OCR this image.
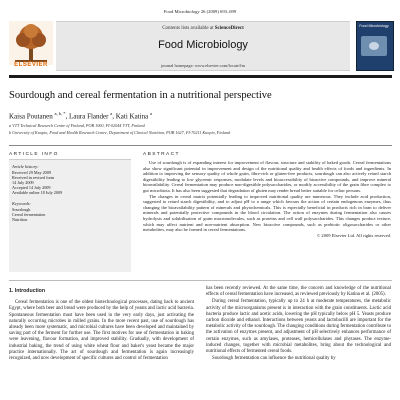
Food Microbiology 26 (2009) 693–699
ELSEVIER
Contents lists available at ScienceDirect
Food Microbiology
journal homepage: www.elsevier.com/locate/fm
Food Microbiology
Sourdough and cereal fermentation in a nutritional perspective
Kaisa Poutanen $^{a, b, *}$, Laura Flander $^a$, Kati Katina $^a$
a VTT Technical Research Centre of Finland, POB 1000, FI-02044 VTT, Finland
b University of Kuopio, Food and Health Research Centre, Department of Clinical Nutrition, POB 1627, FI-70211 Kuopio, Finland
ARTICLE INFO
Article history:
Received 29 May 2009
Received in revised form
14 July 2009
Accepted 14 July 2009
Available online 18 July 2009
Keywords:
Sourdough
Cereal fermentation
Nutrition
ABSTRACT

Use of sourdough is of expanding interest for improvement of flavour, structure and stability of baked goods. Cereal fermentations also show significant potential in improvement and design of the nutritional quality and health effects of foods and ingredients. In addition to improving the sensory quality of whole grain, fibre-rich or gluten-free products, sourdough can also actively retard starch digestibility leading to low glycemic responses, modulate levels and bioaccessibility of bioactive compounds, and improve mineral bioavailability. Cereal fermentation may produce non-digestible polysaccharides, or modify accessibility of the grain fibre complex to gut microbiota. It has also been suggested that degradation of gluten may render bread better suitable for celiac persons.

The changes in cereal matrix potentially leading to improved nutritional quality are numerous. They include acid production, suggested to retard starch digestibility, and to adjust pH to a range which favours the action of certain endogenous enzymes, thus changing the bioavailability pattern of minerals and phytochemicals. This is especially beneficial in products rich in bran to deliver minerals and potentially protective compounds in the blood circulation. The action of enzymes during fermentation also causes hydrolysis and solubilisation of grain macromolecules, such as proteins and cell wall polysaccharides. This changes product texture, which may affect nutrient and non-nutrient absorption. New bioactive compounds, such as prebiotic oligosaccharides or other metabolites, may also be formed in cereal fermentations.

© 2009 Elsevier Ltd. All rights reserved.

1. Introduction

Cereal fermentation is one of the oldest biotechnological processes, dating back to ancient Egypt, where both beer and bread were produced by the help of yeasts and lactic acid bacteria. Spontaneous fermentation must have been used in the very early days, just activating the naturally occurring microbes in milled grains. In the more recent past, use of sourdough has already been more systematic, and microbial cultures have been developed and maintained by saving part of the ferment for further use. The first motives for use of fermentation in baking were leavening, flavour formation, and improved stability. Gradually, with development of industrial baking, the trend of using white wheat flour and baker's yeast became the major practice internationally. The art of sourdough and fermentation is again increasingly recognized, and now development of specific cultures and control of fermentation

has been recently reviewed. At the same time, the concern and knowledge of the nutritional effects of cereal fermentation have increased, as reviewed previously by Katina et al. (2005).

During cereal fermentation, typically up to 24 h at moderate temperatures, the metabolic activity of the microorganisms present is in interaction with the grain constituents. Lactic acid bacteria produce lactic and acetic acids, lowering the pH typically below pH 5. Yeasts produce carbon dioxide and ethanol. Interactions between yeasts and lactobacilli are important for the metabolic activity of the sourdough. The changing conditions during fermentation contribute to the activation of enzymes present, and adjustment of pH selectively enhances performance of certain enzymes, such as amylases, proteases, hemicellulases and phytases. The enzyme-induced changes, together with microbial metabolites, bring about the technological and nutritional effects of fermented cereal foods.

Sourdough fermentation can influence the nutritional quality by
